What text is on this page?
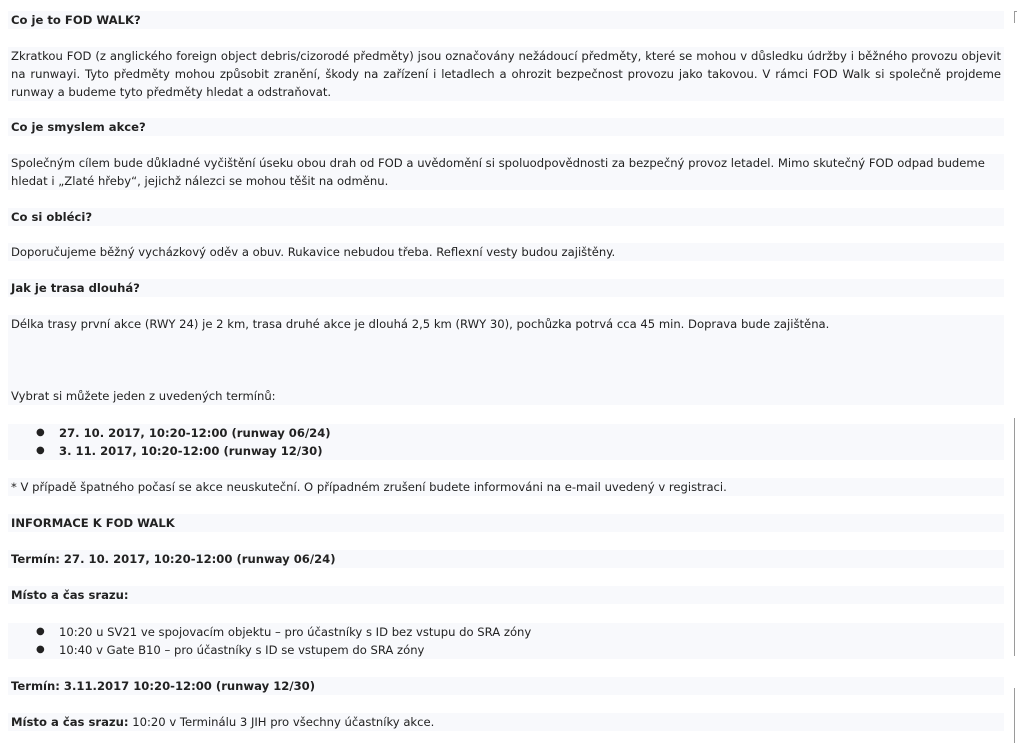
Co je to FOD WALK?
Zkratkou FOD (z anglického foreign object debris/cizorodé předměty) jsou označovány nežádoucí předměty, které se mohou v důsledku údržby i běžného provozu objevit na runwayi. Tyto předměty mohou způsobit zranění, škody na zařízení i letadlech a ohrozit bezpečnost provozu jako takovou. V rámci FOD Walk si společně projdeme runway a budeme tyto předměty hledat a odstraňovat.
Co je smyslem akce?
Společným cílem bude důkladné vyčištění úseku obou drah od FOD a uvědomění si spoluodpovědnosti za bezpečný provoz letadel. Mimo skutečný FOD odpad budeme hledat i „Zlaté hřeby“, jejichž nálezci se mohou těšit na odměnu.
Co si obléci?
Doporučujeme běžný vycházkový oděv a obuv. Rukavice nebudou třeba. Reflexní vesty budou zajištěny.
Jak je trasa dlouhá?
Délka trasy první akce (RWY 24) je 2 km, trasa druhé akce je dlouhá 2,5 km (RWY 30), pochůzka potrvá cca 45 min. Doprava bude zajištěna.
Vybrat si můžete jeden z uvedených termínů:
● 27. 10. 2017, 10:20-12:00 (runway 06/24)
● 3. 11. 2017, 10:20-12:00 (runway 12/30)
* V případě špatného počasí se akce neuskuteční. O případném zrušení budete informováni na e-mail uvedený v registraci.
INFORMACE K FOD WALK
Termín: 27. 10. 2017, 10:20-12:00 (runway 06/24)
Místo a čas srazu:
● 10:20 u SV21 ve spojovacím objektu – pro účastníky s ID bez vstupu do SRA zóny
● 10:40 v Gate B10 – pro účastníky s ID se vstupem do SRA zóny
Termín: 3.11.2017 10:20-12:00 (runway 12/30)
Místo a čas srazu: 10:20 v Terminálu 3 JIH pro všechny účastníky akce.
